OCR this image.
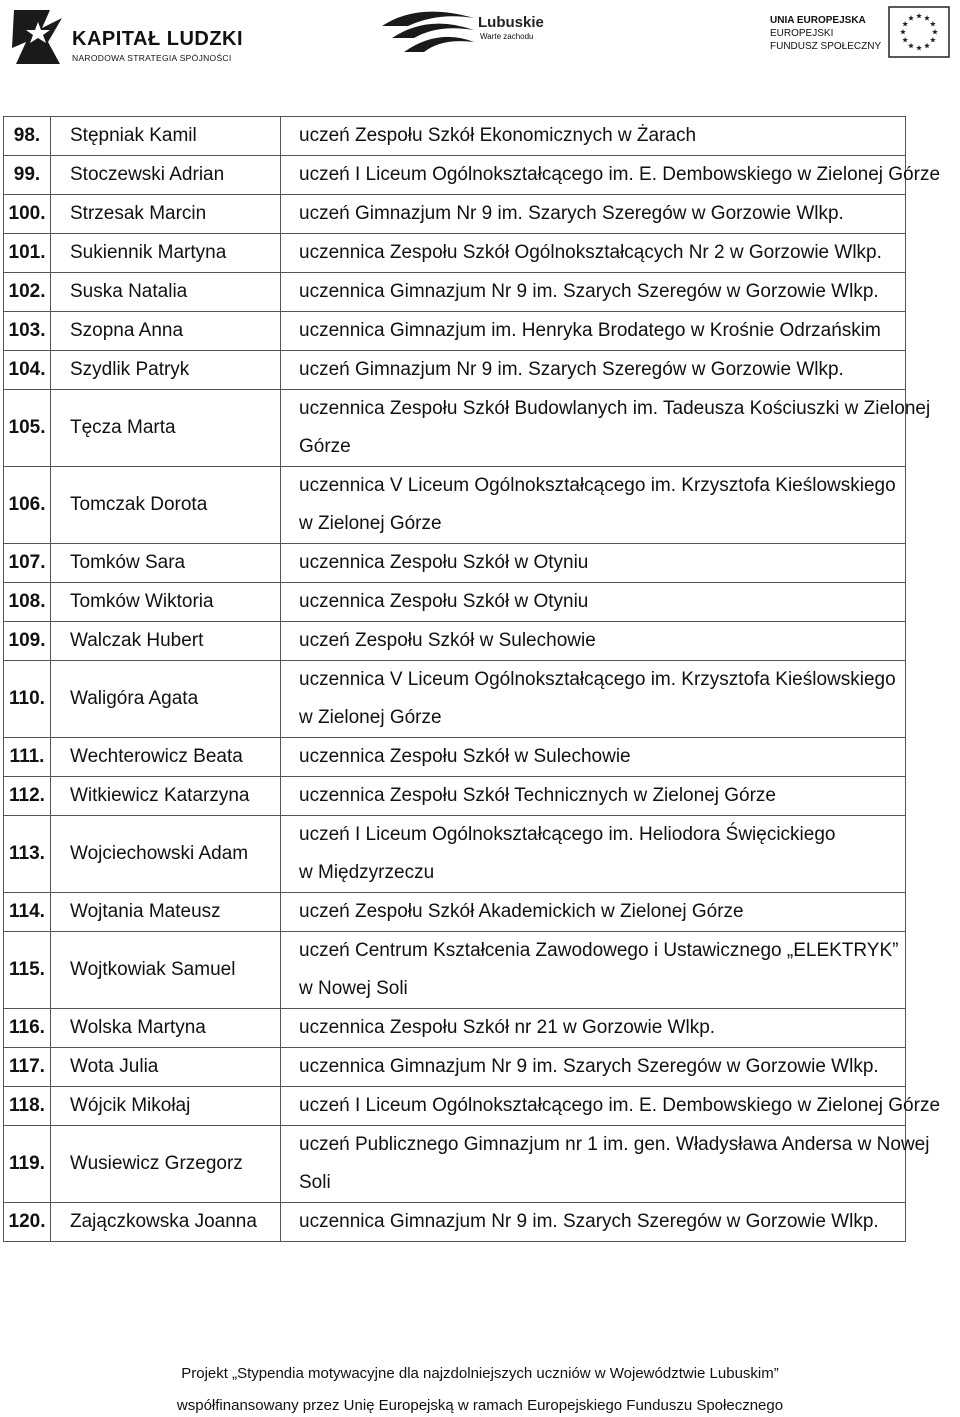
KAPITAŁ LUDZKI
NARODOWA STRATEGIA SPÓJNOŚCI
Lubuskie
Warte zachodu
UNIA EUROPEJSKA
EUROPEJSKI
FUNDUSZ SPOŁECZNY
98.	Stępniak Kamil	uczeń Zespołu Szkół Ekonomicznych w Żarach

99.	Stoczewski Adrian	uczeń I Liceum Ogólnokształcącego im. E. Dembowskiego w Zielonej Górze

100.	Strzesak Marcin	uczeń Gimnazjum Nr 9 im. Szarych Szeregów w Gorzowie Wlkp.

101.	Sukiennik Martyna	uczennica Zespołu Szkół Ogólnokształcących Nr 2 w Gorzowie Wlkp.

102.	Suska Natalia	uczennica Gimnazjum Nr 9 im. Szarych Szeregów w Gorzowie Wlkp.

103.	Szopna Anna	uczennica Gimnazjum im. Henryka Brodatego w Krośnie Odrzańskim

104.	Szydlik Patryk	uczeń Gimnazjum Nr 9 im. Szarych Szeregów w Gorzowie Wlkp.

105.	Tęcza Marta	uczennica Zespołu Szkół Budowlanych im. Tadeusza Kościuszki w Zielonej
Górze

106.	Tomczak Dorota	uczennica V Liceum Ogólnokształcącego im. Krzysztofa Kieślowskiego
w Zielonej Górze

107.	Tomków Sara	uczennica Zespołu Szkół w Otyniu

108.	Tomków Wiktoria	uczennica Zespołu Szkół w Otyniu

109.	Walczak Hubert	uczeń Zespołu Szkół w Sulechowie

110.	Waligóra Agata	uczennica V Liceum Ogólnokształcącego im. Krzysztofa Kieślowskiego
w Zielonej Górze

111.	Wechterowicz Beata	uczennica Zespołu Szkół w Sulechowie

112.	Witkiewicz Katarzyna	uczennica Zespołu Szkół Technicznych w Zielonej Górze

113.	Wojciechowski Adam	uczeń I Liceum Ogólnokształcącego im. Heliodora Święcickiego
w Międzyrzeczu

114.	Wojtania Mateusz	uczeń Zespołu Szkół Akademickich w Zielonej Górze

115.	Wojtkowiak Samuel	uczeń Centrum Kształcenia Zawodowego i Ustawicznego „ELEKTRYK”
w Nowej Soli

116.	Wolska Martyna	uczennica Zespołu Szkół nr 21 w Gorzowie Wlkp.

117.	Wota Julia	uczennica Gimnazjum Nr 9 im. Szarych Szeregów w Gorzowie Wlkp.

118.	Wójcik Mikołaj	uczeń I Liceum Ogólnokształcącego im. E. Dembowskiego w Zielonej Górze

119.	Wusiewicz Grzegorz	uczeń Publicznego Gimnazjum nr 1 im. gen. Władysława Andersa w Nowej
Soli

120.	Zajączkowska Joanna	uczennica Gimnazjum Nr 9 im. Szarych Szeregów w Gorzowie Wlkp.
Projekt „Stypendia motywacyjne dla najzdolniejszych uczniów w Województwie Lubuskim”
współfinansowany przez Unię Europejską w ramach Europejskiego Funduszu Społecznego
